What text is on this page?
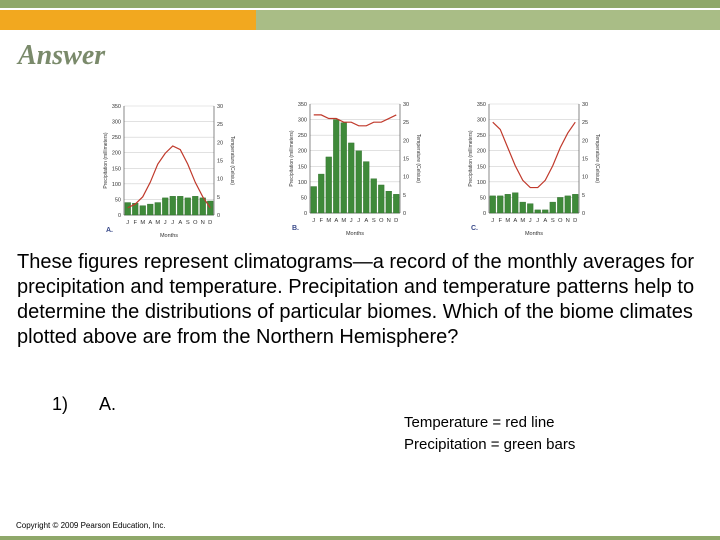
Answer
0
50
100
150
200
250
300
350
0
5
10
15
20
25
30
J F M A M J J A S O N D
A.
Months
Precipitation (millimeters)	Temperature (Celsius)
0
50
100
150
200
250
300
350
0
5
10
15
20
25
30
J F M A M J J A S O N D
B.
Months
Precipitation (millimeters)	Temperature (Celsius)
0
50
100
150
200
250
300
350
0
5
10
15
20
25
30
J F M A M J J A S O N D
C.
Months
Precipitation (millimeters)	Temperature (Celsius)

These figures represent climatograms—a record of the monthly averages for precipitation and temperature. Precipitation and temperature patterns help to determine the distributions of particular biomes. Which of the biome climates plotted above are from the Northern Hemisphere?

1) A.
Temperature = red line
Precipitation = green bars
Copyright © 2009 Pearson Education, Inc.
